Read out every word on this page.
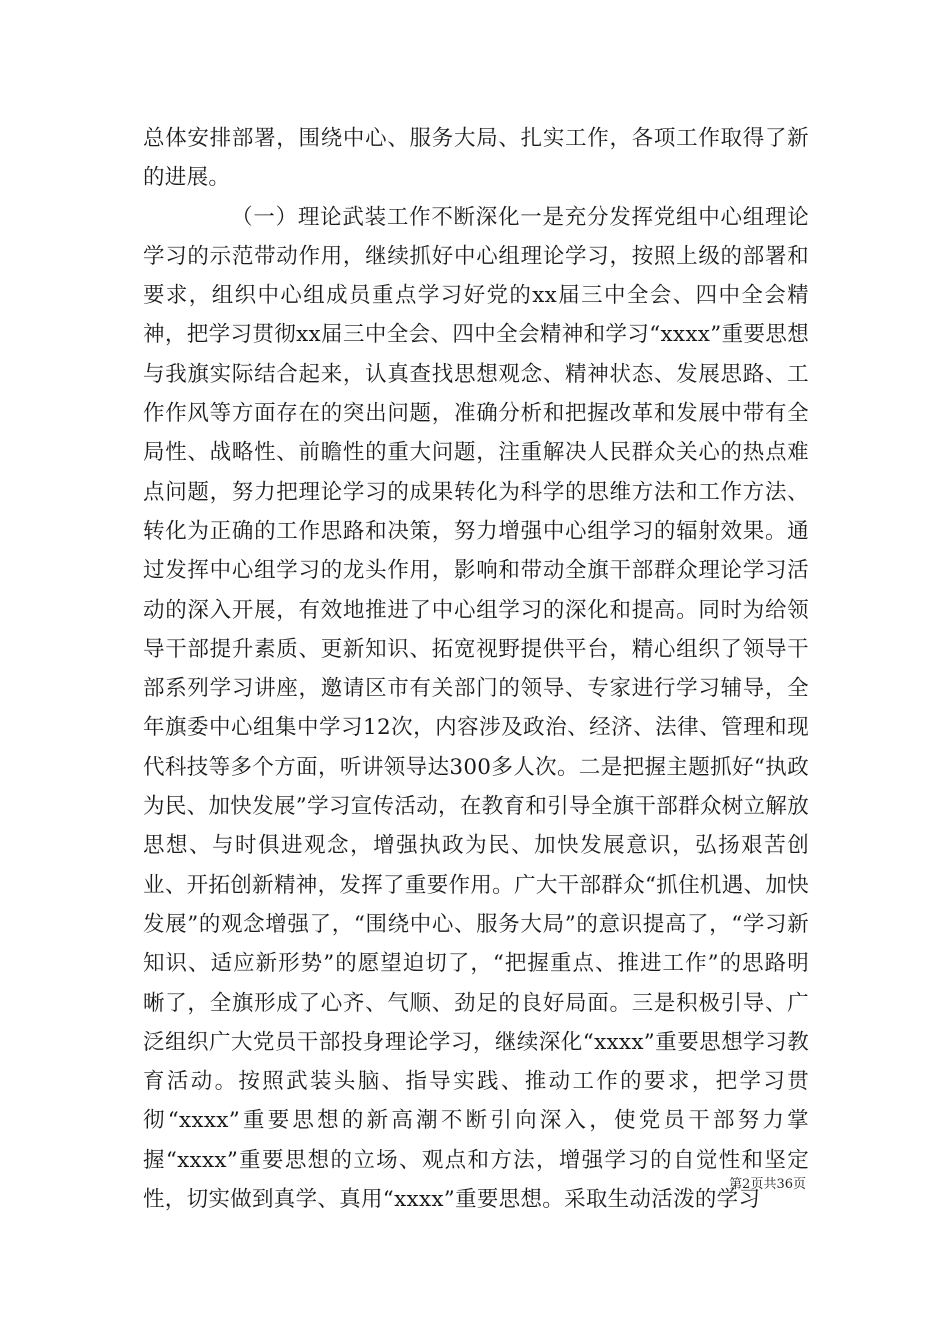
总体安排部署，围绕中心、服务大局、扎实工作，各项工作取得了新的进展。

（一）理论武装工作不断深化一是充分发挥党组中心组理论学习的示范带动作用，继续抓好中心组理论学习，按照上级的部署和要求，组织中心组成员重点学习好党的xx届三中全会、四中全会精神，把学习贯彻xx届三中全会、四中全会精神和学习“xxxx”重要思想与我旗实际结合起来，认真查找思想观念、精神状态、发展思路、工作作风等方面存在的突出问题，准确分析和把握改革和发展中带有全局性、战略性、前瞻性的重大问题，注重解决人民群众关心的热点难点问题，努力把理论学习的成果转化为科学的思维方法和工作方法、转化为正确的工作思路和决策，努力增强中心组学习的辐射效果。通过发挥中心组学习的龙头作用，影响和带动全旗干部群众理论学习活动的深入开展，有效地推进了中心组学习的深化和提高。同时为给领导干部提升素质、更新知识、拓宽视野提供平台，精心组织了领导干部系列学习讲座，邀请区市有关部门的领导、专家进行学习辅导，全年旗委中心组集中学习12次，内容涉及政治、经济、法律、管理和现代科技等多个方面，听讲领导达300多人次。二是把握主题抓好“执政为民、加快发展”学习宣传活动，在教育和引导全旗干部群众树立解放思想、与时俱进观念，增强执政为民、加快发展意识，弘扬艰苦创业、开拓创新精神，发挥了重要作用。广大干部群众“抓住机遇、加快发展”的观念增强了，“围绕中心、服务大局”的意识提高了，“学习新知识、适应新形势”的愿望迫切了，“把握重点、推进工作”的思路明晰了，全旗形成了心齐、气顺、劲足的良好局面。三是积极引导、广泛组织广大党员干部投身理论学习，继续深化“xxxx”重要思想学习教育活动。按照武装头脑、指导实践、推动工作的要求，把学习贯彻“xxxx”重要思想的新高潮不断引向深入，使党员干部努力掌握“xxxx”重要思想的立场、观点和方法，增强学习的自觉性和坚定性，切实做到真学、真用“xxxx”重要思想。采取生动活泼的学习

第2页共36页
